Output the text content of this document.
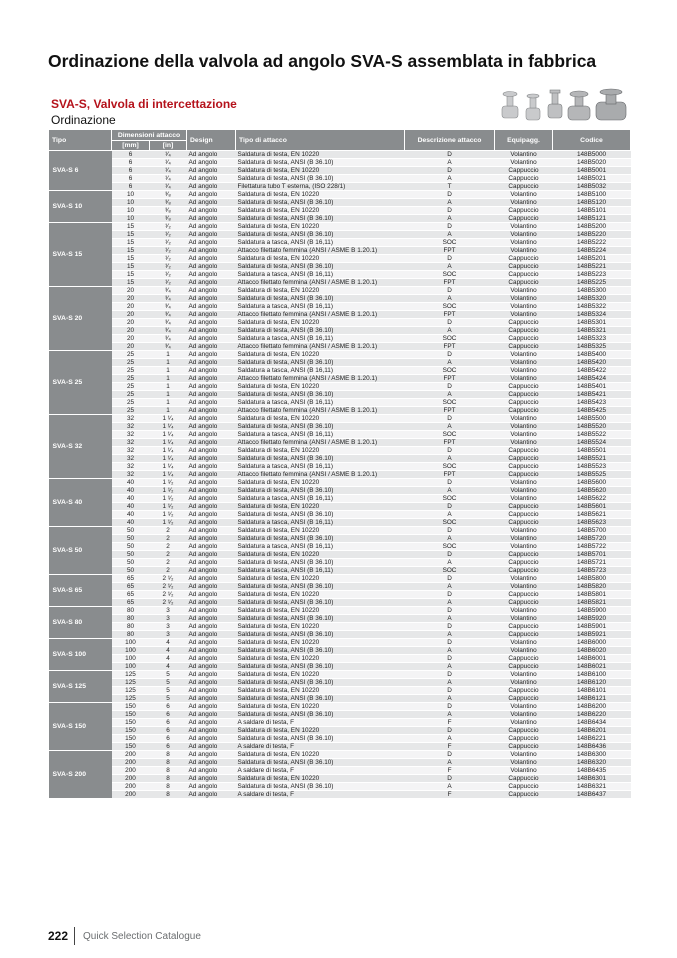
Ordinazione della valvola ad angolo SVA-S assemblata in fabbrica
SVA-S, Valvola di intercettazione
Ordinazione
Tipo	Dimensioni attacco		Design	Tipo di attacco	Descrizione attacco	Equipagg.	Codice
	[mm]	[in]					
SVA-S 6	6	¹⁄₄	Ad angolo	Saldatura di testa, EN 10220	D	Volantino	148B5000
	6	¹⁄₄	Ad angolo	Saldatura di testa, ANSI (B 36.10)	A	Volantino	148B5020
	6	¹⁄₄	Ad angolo	Saldatura di testa, EN 10220	D	Cappuccio	148B5001
	6	¹⁄₄	Ad angolo	Saldatura di testa, ANSI (B 36.10)	A	Cappuccio	148B5021
	6	¹⁄₄	Ad angolo	Filettatura tubo T esterna, (ISO 228/1)	T	Cappuccio	148B5032
SVA-S 10	10	³⁄₈	Ad angolo	Saldatura di testa, EN 10220	D	Volantino	148B5100
	10	³⁄₈	Ad angolo	Saldatura di testa, ANSI (B 36.10)	A	Volantino	148B5120
	10	³⁄₈	Ad angolo	Saldatura di testa, EN 10220	D	Cappuccio	148B5101
	10	³⁄₈	Ad angolo	Saldatura di testa, ANSI (B 36.10)	A	Cappuccio	148B5121
SVA-S 15	15	¹⁄₂	Ad angolo	Saldatura di testa, EN 10220	D	Volantino	148B5200
	15	¹⁄₂	Ad angolo	Saldatura di testa, ANSI (B 36.10)	A	Volantino	148B5220
	15	¹⁄₂	Ad angolo	Saldatura a tasca, ANSI (B 16,11)	SOC	Volantino	148B5222
	15	¹⁄₂	Ad angolo	Attacco filettato femmina (ANSI / ASME B 1.20.1)	FPT	Volantino	148B5224
	15	¹⁄₂	Ad angolo	Saldatura di testa, EN 10220	D	Cappuccio	148B5201
	15	¹⁄₂	Ad angolo	Saldatura di testa, ANSI (B 36.10)	A	Cappuccio	148B5221
	15	¹⁄₂	Ad angolo	Saldatura a tasca, ANSI (B 16,11)	SOC	Cappuccio	148B5223
	15	¹⁄₂	Ad angolo	Attacco filettato femmina (ANSI / ASME B 1.20.1)	FPT	Cappuccio	148B5225
SVA-S 20	20	³⁄₄	Ad angolo	Saldatura di testa, EN 10220	D	Volantino	148B5300
	20	³⁄₄	Ad angolo	Saldatura di testa, ANSI (B 36.10)	A	Volantino	148B5320
	20	³⁄₄	Ad angolo	Saldatura a tasca, ANSI (B 16,11)	SOC	Volantino	148B5322
	20	³⁄₄	Ad angolo	Attacco filettato femmina (ANSI / ASME B 1.20.1)	FPT	Volantino	148B5324
	20	³⁄₄	Ad angolo	Saldatura di testa, EN 10220	D	Cappuccio	148B5301
	20	³⁄₄	Ad angolo	Saldatura di testa, ANSI (B 36.10)	A	Cappuccio	148B5321
	20	³⁄₄	Ad angolo	Saldatura a tasca, ANSI (B 16,11)	SOC	Cappuccio	148B5323
	20	³⁄₄	Ad angolo	Attacco filettato femmina (ANSI / ASME B 1.20.1)	FPT	Cappuccio	148B5325
SVA-S 25	25	1	Ad angolo	Saldatura di testa, EN 10220	D	Volantino	148B5400
	25	1	Ad angolo	Saldatura di testa, ANSI (B 36.10)	A	Volantino	148B5420
	25	1	Ad angolo	Saldatura a tasca, ANSI (B 16,11)	SOC	Volantino	148B5422
	25	1	Ad angolo	Attacco filettato femmina (ANSI / ASME B 1.20.1)	FPT	Volantino	148B5424
	25	1	Ad angolo	Saldatura di testa, EN 10220	D	Cappuccio	148B5401
	25	1	Ad angolo	Saldatura di testa, ANSI (B 36.10)	A	Cappuccio	148B5421
	25	1	Ad angolo	Saldatura a tasca, ANSI (B 16,11)	SOC	Cappuccio	148B5423
	25	1	Ad angolo	Attacco filettato femmina (ANSI / ASME B 1.20.1)	FPT	Cappuccio	148B5425
SVA-S 32	32	1 ¹⁄₄	Ad angolo	Saldatura di testa, EN 10220	D	Volantino	148B5500
	32	1 ¹⁄₄	Ad angolo	Saldatura di testa, ANSI (B 36.10)	A	Volantino	148B5520
	32	1 ¹⁄₄	Ad angolo	Saldatura a tasca, ANSI (B 16,11)	SOC	Volantino	148B5522
	32	1 ¹⁄₄	Ad angolo	Attacco filettato femmina (ANSI / ASME B 1.20.1)	FPT	Volantino	148B5524
	32	1 ¹⁄₄	Ad angolo	Saldatura di testa, EN 10220	D	Cappuccio	148B5501
	32	1 ¹⁄₄	Ad angolo	Saldatura di testa, ANSI (B 36.10)	A	Cappuccio	148B5521
	32	1 ¹⁄₄	Ad angolo	Saldatura a tasca, ANSI (B 16,11)	SOC	Cappuccio	148B5523
	32	1 ¹⁄₄	Ad angolo	Attacco filettato femmina (ANSI / ASME B 1.20.1)	FPT	Cappuccio	148B5525
SVA-S 40	40	1 ¹⁄₂	Ad angolo	Saldatura di testa, EN 10220	D	Volantino	148B5600
	40	1 ¹⁄₂	Ad angolo	Saldatura di testa, ANSI (B 36.10)	A	Volantino	148B5620
	40	1 ¹⁄₂	Ad angolo	Saldatura a tasca, ANSI (B 16,11)	SOC	Volantino	148B5622
	40	1 ¹⁄₂	Ad angolo	Saldatura di testa, EN 10220	D	Cappuccio	148B5601
	40	1 ¹⁄₂	Ad angolo	Saldatura di testa, ANSI (B 36.10)	A	Cappuccio	148B5621
	40	1 ¹⁄₂	Ad angolo	Saldatura a tasca, ANSI (B 16,11)	SOC	Cappuccio	148B5623
SVA-S 50	50	2	Ad angolo	Saldatura di testa, EN 10220	D	Volantino	148B5700
	50	2	Ad angolo	Saldatura di testa, ANSI (B 36.10)	A	Volantino	148B5720
	50	2	Ad angolo	Saldatura a tasca, ANSI (B 16,11)	SOC	Volantino	148B5722
	50	2	Ad angolo	Saldatura di testa, EN 10220	D	Cappuccio	148B5701
	50	2	Ad angolo	Saldatura di testa, ANSI (B 36.10)	A	Cappuccio	148B5721
	50	2	Ad angolo	Saldatura a tasca, ANSI (B 16,11)	SOC	Cappuccio	148B5723
SVA-S 65	65	2 ¹⁄₂	Ad angolo	Saldatura di testa, EN 10220	D	Volantino	148B5800
	65	2 ¹⁄₂	Ad angolo	Saldatura di testa, ANSI (B 36.10)	A	Volantino	148B5820
	65	2 ¹⁄₂	Ad angolo	Saldatura di testa, EN 10220	D	Cappuccio	148B5801
	65	2 ¹⁄₂	Ad angolo	Saldatura di testa, ANSI (B 36.10)	A	Cappuccio	148B5821
SVA-S 80	80	3	Ad angolo	Saldatura di testa, EN 10220	D	Volantino	148B5900
	80	3	Ad angolo	Saldatura di testa, ANSI (B 36.10)	A	Volantino	148B5920
	80	3	Ad angolo	Saldatura di testa, EN 10220	D	Cappuccio	148B5901
	80	3	Ad angolo	Saldatura di testa, ANSI (B 36.10)	A	Cappuccio	148B5921
SVA-S 100	100	4	Ad angolo	Saldatura di testa, EN 10220	D	Volantino	148B6000
	100	4	Ad angolo	Saldatura di testa, ANSI (B 36.10)	A	Volantino	148B6020
	100	4	Ad angolo	Saldatura di testa, EN 10220	D	Cappuccio	148B6001
	100	4	Ad angolo	Saldatura di testa, ANSI (B 36.10)	A	Cappuccio	148B6021
SVA-S 125	125	5	Ad angolo	Saldatura di testa, EN 10220	D	Volantino	148B6100
	125	5	Ad angolo	Saldatura di testa, ANSI (B 36.10)	A	Volantino	148B6120
	125	5	Ad angolo	Saldatura di testa, EN 10220	D	Cappuccio	148B6101
	125	5	Ad angolo	Saldatura di testa, ANSI (B 36.10)	A	Cappuccio	148B6121
SVA-S 150	150	6	Ad angolo	Saldatura di testa, EN 10220	D	Volantino	148B6200
	150	6	Ad angolo	Saldatura di testa, ANSI (B 36.10)	A	Volantino	148B6220
	150	6	Ad angolo	A saldare di testa, F	F	Volantino	148B6434
	150	6	Ad angolo	Saldatura di testa, EN 10220	D	Cappuccio	148B6201
	150	6	Ad angolo	Saldatura di testa, ANSI (B 36.10)	A	Cappuccio	148B6221
	150	6	Ad angolo	A saldare di testa, F	F	Cappuccio	148B6436
SVA-S 200	200	8	Ad angolo	Saldatura di testa, EN 10220	D	Volantino	148B6300
	200	8	Ad angolo	Saldatura di testa, ANSI (B 36.10)	A	Volantino	148B6320
	200	8	Ad angolo	A saldare di testa, F	F	Volantino	148B6435
	200	8	Ad angolo	Saldatura di testa, EN 10220	D	Cappuccio	148B6301
	200	8	Ad angolo	Saldatura di testa, ANSI (B 36.10)	A	Cappuccio	148B6321
	200	8	Ad angolo	A saldare di testa, F	F	Cappuccio	148B6437
222 Quick Selection Catalogue
